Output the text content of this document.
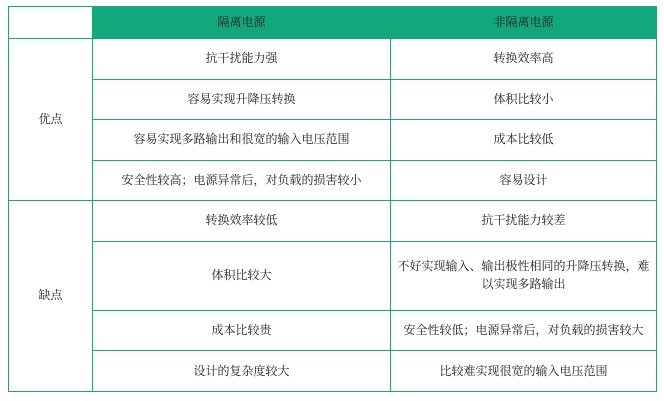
	隔离电源	非隔离电源
优点	抗干扰能力强	转换效率高
	容易实现升降压转换	体积比较小
	容易实现多路输出和很宽的输入电压范围	成本比较低
	安全性较高；电源异常后，对负载的损害较小	容易设计
缺点	转换效率较低	抗干扰能力较差
	体积比较大	不好实现输入、输出极性相同的升降压转换，难以实现多路输出
	成本比较贵	安全性较低；电源异常后，对负载的损害较大
	设计的复杂度较大	比较难实现很宽的输入电压范围
